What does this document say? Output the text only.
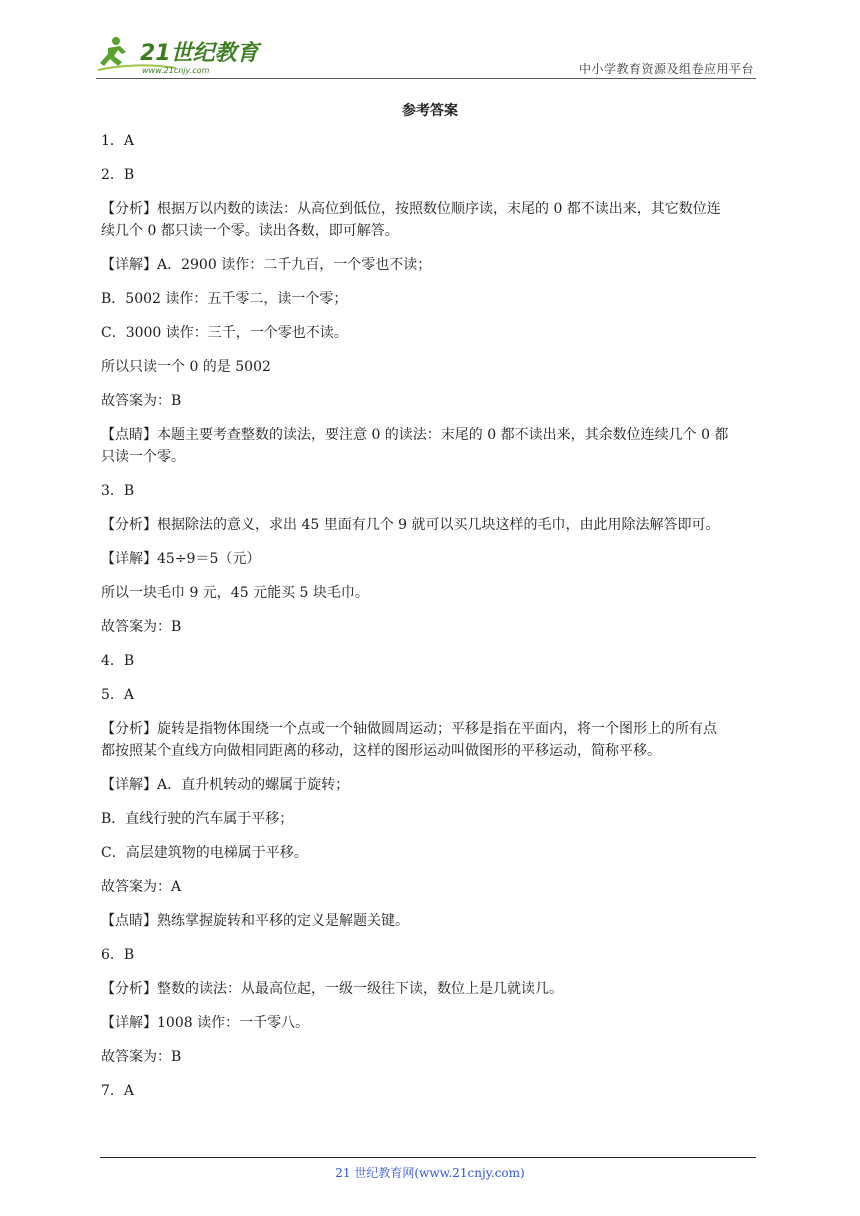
21世纪教育
www.21cnjy.com	中小学教育资源及组卷应用平台
参考答案
1．A
2．B
【分析】根据万以内数的读法：从高位到低位，按照数位顺序读，末尾的 0 都不读出来，其它数位连
续几个 0 都只读一个零。读出各数，即可解答。
【详解】A．2900 读作：二千九百，一个零也不读；
B．5002 读作：五千零二，读一个零；
C．3000 读作：三千，一个零也不读。
所以只读一个 0 的是 5002
故答案为：B
【点睛】本题主要考查整数的读法，要注意 0 的读法：末尾的 0 都不读出来，其余数位连续几个 0 都
只读一个零。
3．B
【分析】根据除法的意义，求出 45 里面有几个 9 就可以买几块这样的毛巾，由此用除法解答即可。
【详解】45÷9＝5（元）
所以一块毛巾 9 元，45 元能买 5 块毛巾。
故答案为：B
4．B
5．A
【分析】旋转是指物体围绕一个点或一个轴做圆周运动；平移是指在平面内，将一个图形上的所有点
都按照某个直线方向做相同距离的移动，这样的图形运动叫做图形的平移运动，简称平移。
【详解】A．直升机转动的螺属于旋转；
B．直线行驶的汽车属于平移；
C．高层建筑物的电梯属于平移。
故答案为：A
【点睛】熟练掌握旋转和平移的定义是解题关键。
6．B
【分析】整数的读法：从最高位起，一级一级往下读，数位上是几就读几。
【详解】1008 读作：一千零八。
故答案为：B
7．A
21 世纪教育网(www.21cnjy.com)
